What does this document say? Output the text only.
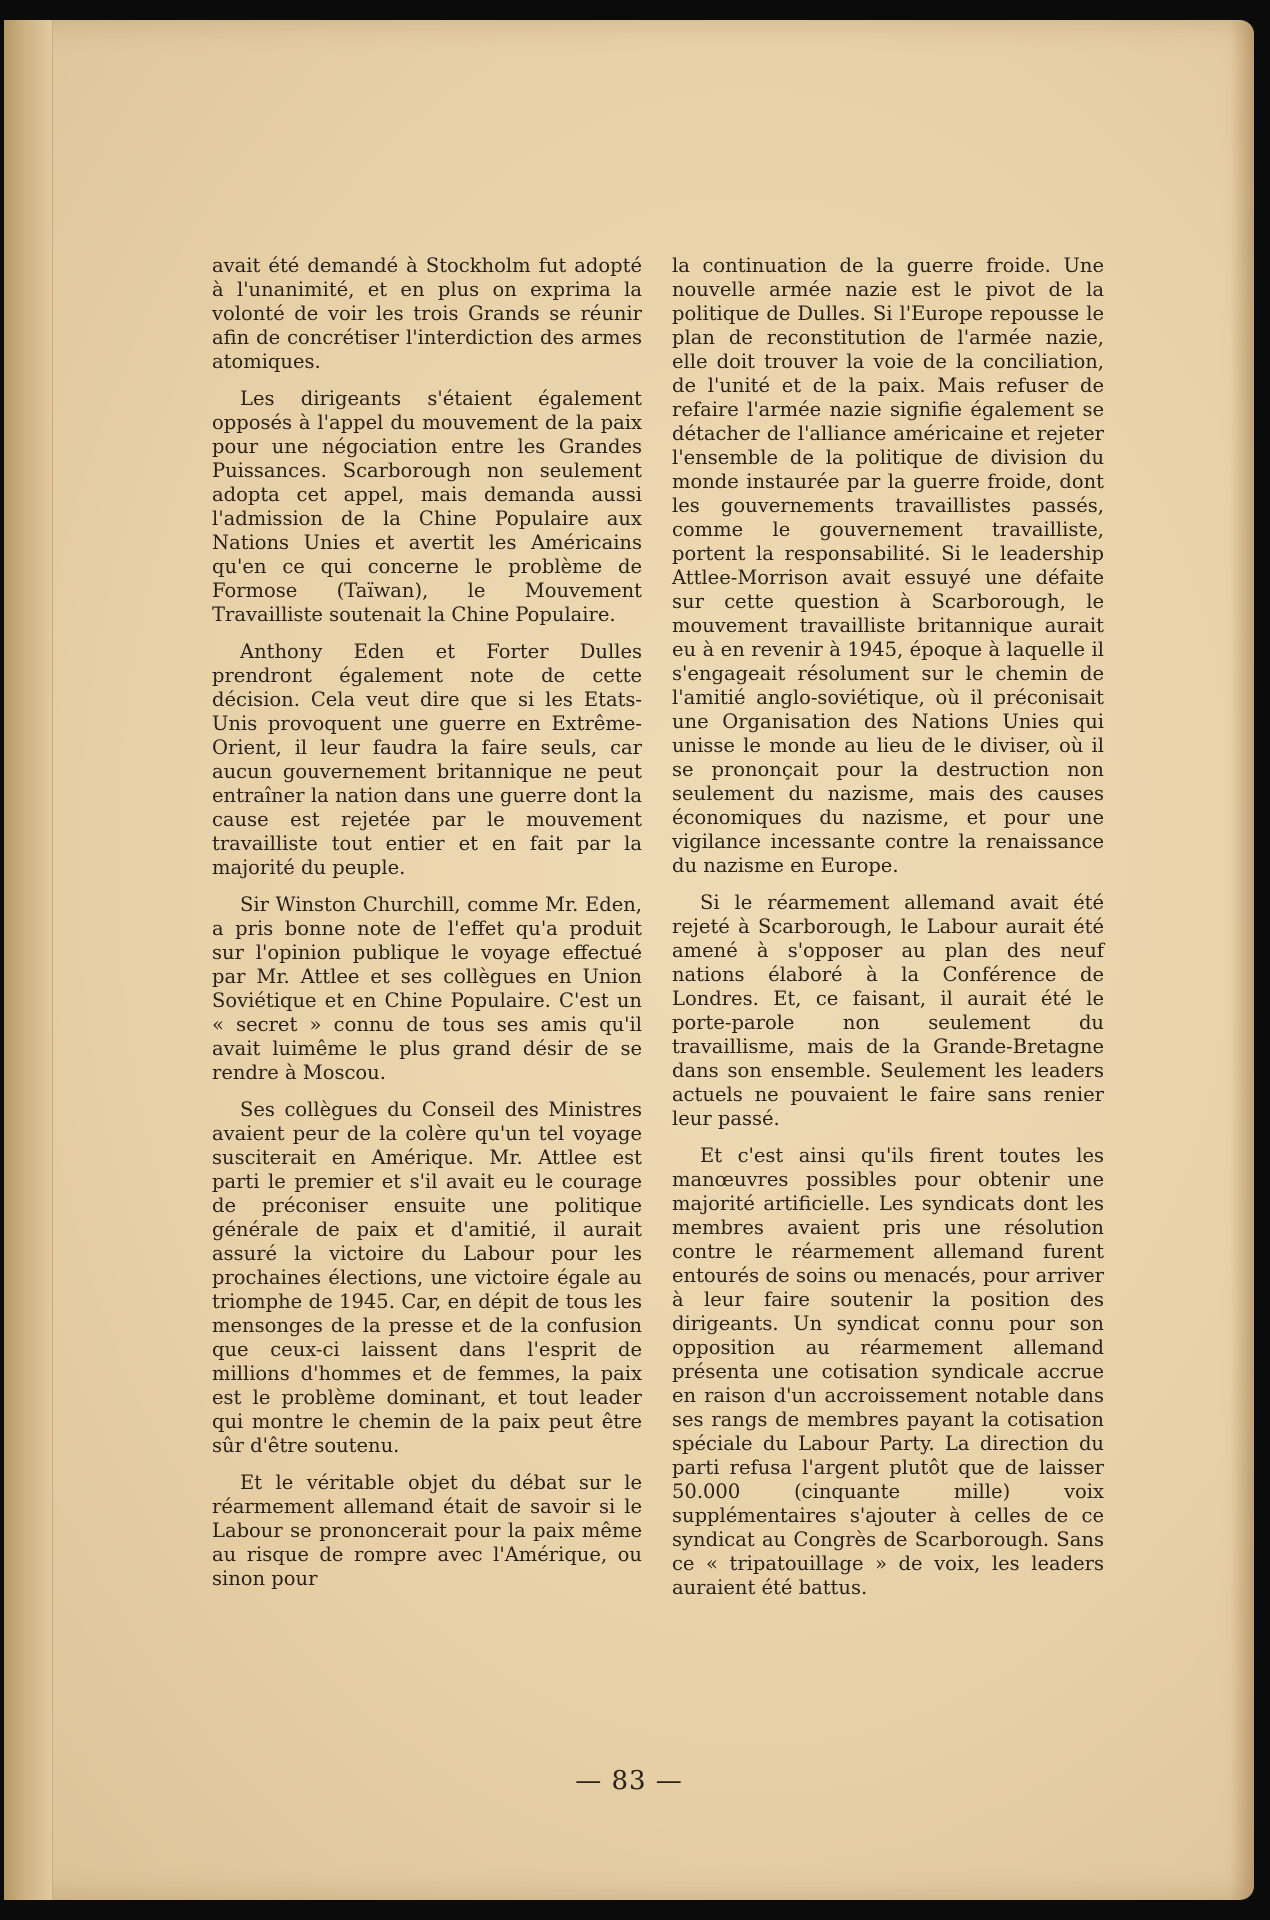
avait été demandé à Stockholm fut adopté à l'unanimité, et en plus on exprima la volonté de voir les trois Grands se réunir afin de concrétiser l'interdiction des armes atomiques.

Les dirigeants s'étaient également opposés à l'appel du mouvement de la paix pour une négociation entre les Grandes Puissances. Scarborough non seulement adopta cet appel, mais demanda aussi l'admission de la Chine Populaire aux Nations Unies et avertit les Américains qu'en ce qui concerne le problème de Formose (Taïwan), le Mouvement Travailliste soutenait la Chine Populaire.

Anthony Eden et Forter Dulles prendront également note de cette décision. Cela veut dire que si les Etats-Unis provoquent une guerre en Extrême-Orient, il leur faudra la faire seuls, car aucun gouvernement britannique ne peut entraîner la nation dans une guerre dont la cause est rejetée par le mouvement travailliste tout entier et en fait par la majorité du peuple.

Sir Winston Churchill, comme Mr. Eden, a pris bonne note de l'effet qu'a produit sur l'opinion publique le voyage effectué par Mr. Attlee et ses collègues en Union Soviétique et en Chine Populaire. C'est un « secret » connu de tous ses amis qu'il avait luimême le plus grand désir de se rendre à Moscou.

Ses collègues du Conseil des Ministres avaient peur de la colère qu'un tel voyage susciterait en Amérique. Mr. Attlee est parti le premier et s'il avait eu le courage de préconiser ensuite une politique générale de paix et d'amitié, il aurait assuré la victoire du Labour pour les prochaines élections, une victoire égale au triomphe de 1945. Car, en dépit de tous les mensonges de la presse et de la confusion que ceux-ci laissent dans l'esprit de millions d'hommes et de femmes, la paix est le problème dominant, et tout leader qui montre le chemin de la paix peut être sûr d'être soutenu.

Et le véritable objet du débat sur le réarmement allemand était de savoir si le Labour se prononcerait pour la paix même au risque de rompre avec l'Amérique, ou sinon pour

la continuation de la guerre froide. Une nouvelle armée nazie est le pivot de la politique de Dulles. Si l'Europe repousse le plan de reconstitution de l'armée nazie, elle doit trouver la voie de la conciliation, de l'unité et de la paix. Mais refuser de refaire l'armée nazie signifie également se détacher de l'alliance américaine et rejeter l'ensemble de la politique de division du monde instaurée par la guerre froide, dont les gouvernements travaillistes passés, comme le gouvernement travailliste, portent la responsabilité. Si le leadership Attlee-Morrison avait essuyé une défaite sur cette question à Scarborough, le mouvement travailliste britannique aurait eu à en revenir à 1945, époque à laquelle il s'engageait résolument sur le chemin de l'amitié anglo-soviétique, où il préconisait une Organisation des Nations Unies qui unisse le monde au lieu de le diviser, où il se prononçait pour la destruction non seulement du nazisme, mais des causes économiques du nazisme, et pour une vigilance incessante contre la renaissance du nazisme en Europe.

Si le réarmement allemand avait été rejeté à Scarborough, le Labour aurait été amené à s'opposer au plan des neuf nations élaboré à la Conférence de Londres. Et, ce faisant, il aurait été le porte-parole non seulement du travaillisme, mais de la Grande-Bretagne dans son ensemble. Seulement les leaders actuels ne pouvaient le faire sans renier leur passé.

Et c'est ainsi qu'ils firent toutes les manœuvres possibles pour obtenir une majorité artificielle. Les syndicats dont les membres avaient pris une résolution contre le réarmement allemand furent entourés de soins ou menacés, pour arriver à leur faire soutenir la position des dirigeants. Un syndicat connu pour son opposition au réarmement allemand présenta une cotisation syndicale accrue en raison d'un accroissement notable dans ses rangs de membres payant la cotisation spéciale du Labour Party. La direction du parti refusa l'argent plutôt que de laisser 50.000 (cinquante mille) voix supplémentaires s'ajouter à celles de ce syndicat au Congrès de Scarborough. Sans ce « tripatouillage » de voix, les leaders auraient été battus.

— 83 —
